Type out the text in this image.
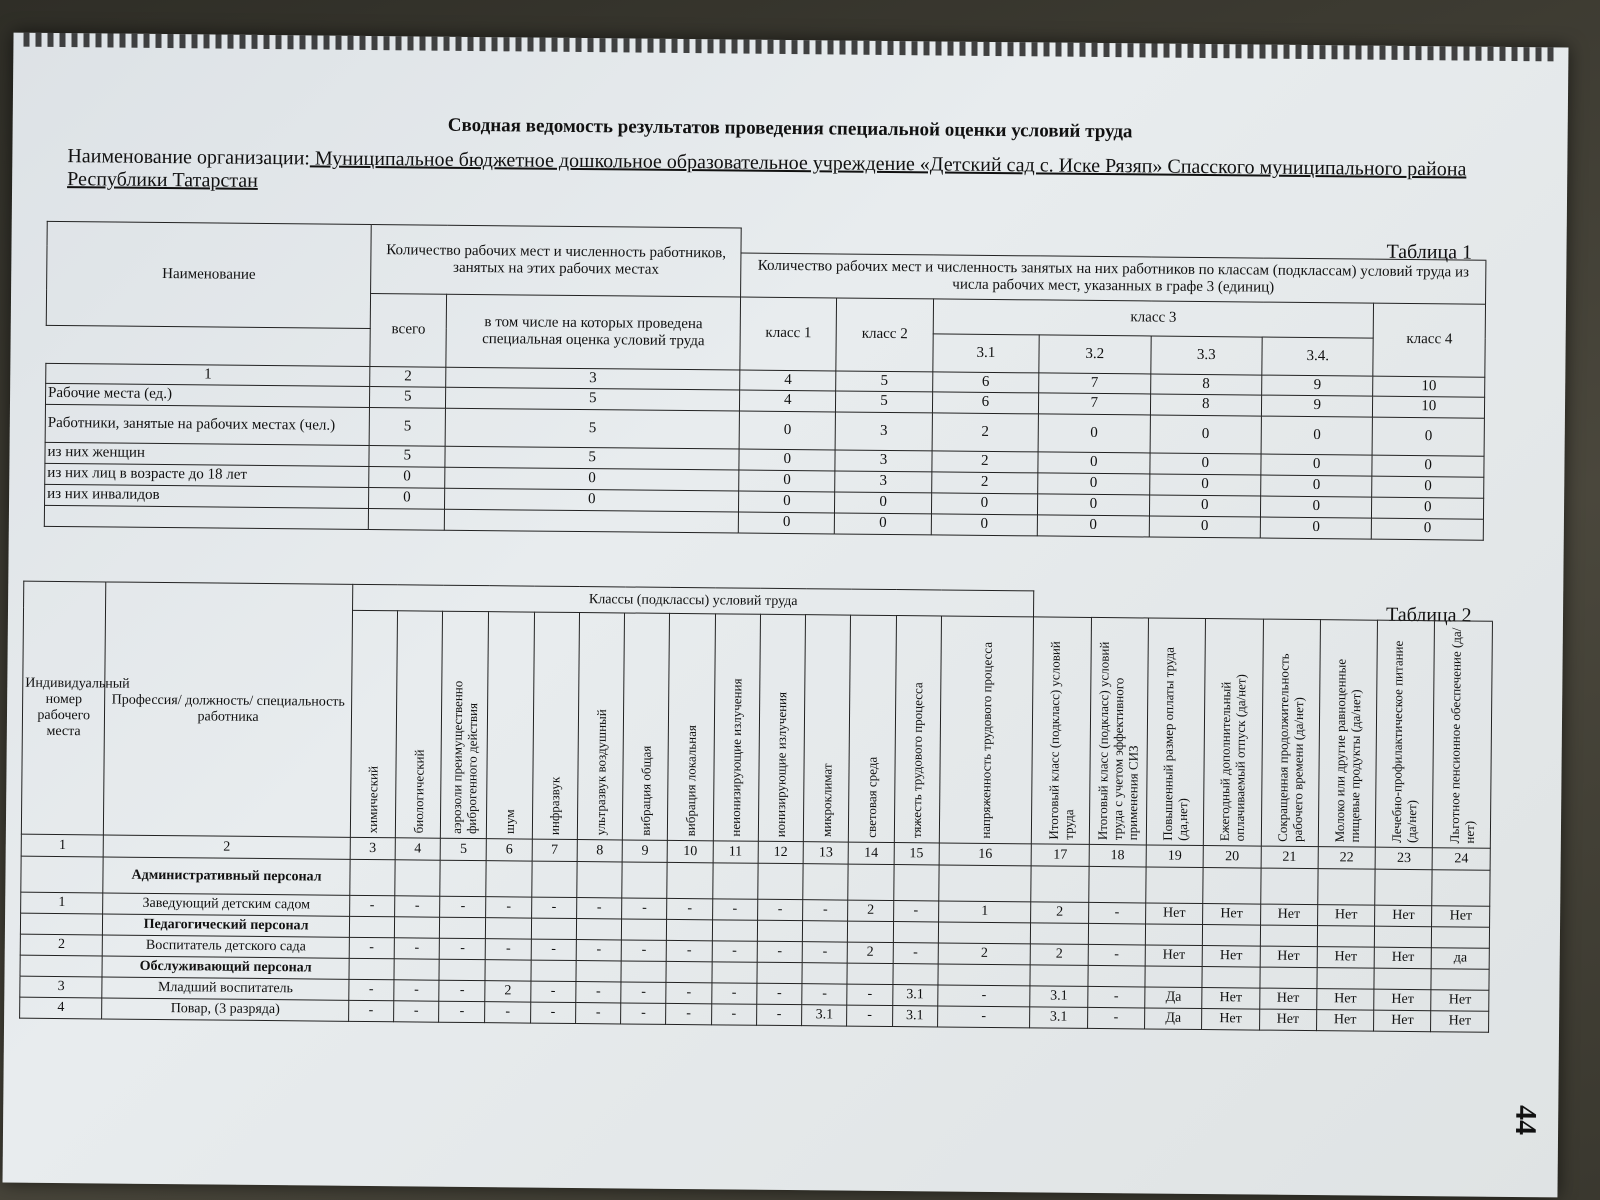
Сводная ведомость результатов проведения специальной оценки условий труда
Наименование организации: Муниципальное бюджетное дошкольное образовательное учреждение «Детский сад с. Иске Рязяп» Спасского муниципального района Республики Татарстан
Таблица 1
Наименование	Количество рабочих мест и численность работников, занятых на этих рабочих местах								
			Количество рабочих мест и численность занятых на них работников по классам (подклассам) условий труда из числа рабочих мест, указанных в графе 3 (единиц)						
	всего	в том числе на которых проведена специальная оценка условий труда	класс 1	класс 2	класс 3				класс 4
					3.1	3.2	3.3	3.4.	
1	2	3	4	5	6	7	8	9	10
Рабочие места (ед.)	5	5	4	5	6	7	8	9	10
Работники, занятые на рабочих местах (чел.)	5	5	0	3	2	0	0	0	0
из них женщин	5	5	0	3	2	0	0	0	0
из них лиц в возрасте до 18 лет	0	0	0	3	2	0	0	0	0
из них инвалидов	0	0	0	0	0	0	0	0	0
			0	0	0	0	0	0	0
Таблица 2
Индивидуальный номер рабочего места	Профессия/ должность/ специальность работника	Классы (подклассы) условий труда																					

		химический	биологический	аэрозоли преимущественно фиброгенного действия	шум	инфразвук	ультразвук воздушный	вибрация общая	вибрация локальная	неионизирующие излучения	ионизирующие излучения	микроклимат	световая среда	тяжесть трудового процесса	напряженность трудового процесса	Итоговый класс (подкласс) условий труда	Итоговый класс (подкласс) условий труда с учетом эффективного применения СИЗ	Повышенный размер оплаты труда (да,нет)	Ежегодный дополнительный оплачиваемый отпуск (да/нет)	Сокращенная продолжительность рабочего времени (да/нет)	Молоко или другие равноценные пищевые продукты (да/нет)	Лечебно-профилактическое питание (да/нет)	Льготное пенсионное обеспечение (да/нет)

1	2	3	4	5	6	7	8	9	10	11	12	13	14	15	16	17	18	19	20	21	22	23	24
	Административный персонал																						
1	Заведующий детским садом	-	-	-	-	-	-	-	-	-	-	-	2	-	1	2	-	Нет	Нет	Нет	Нет	Нет	Нет
	Педагогический персонал																						
2	Воспитатель детского сада	-	-	-	-	-	-	-	-	-	-	-	2	-	2	2	-	Нет	Нет	Нет	Нет	Нет	да
	Обслуживающий персонал																						
3	Младший воспитатель	-	-	-	2	-	-	-	-	-	-	-	-	3.1	-	3.1	-	Да	Нет	Нет	Нет	Нет	Нет
4	Повар, (3 разряда)	-	-	-	-	-	-	-	-	-	-	3.1	-	3.1	-	3.1	-	Да	Нет	Нет	Нет	Нет	Нет
44
